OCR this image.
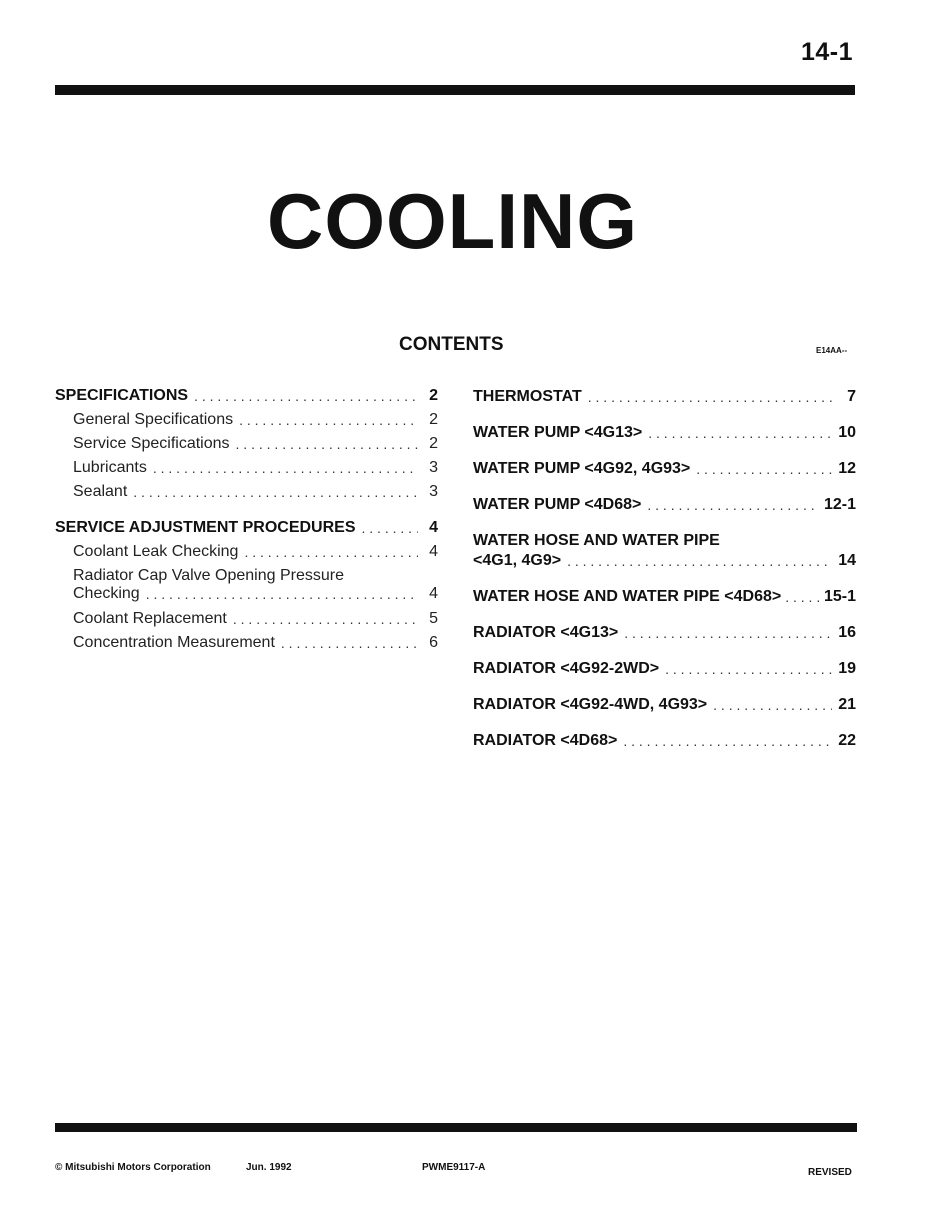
14-1
COOLING
CONTENTS	E14AA--
SPECIFICATIONS . . .	2
General Specifications . . .	2
Service Specifications . . .	2
Lubricants . . .	3
Sealant . . .	3
SERVICE ADJUSTMENT PROCEDURES . . .	4
Coolant Leak Checking . . .	4
Radiator Cap Valve Opening Pressure
Checking . . .	4
Coolant Replacement . . .	5
Concentration Measurement . . .	6
THERMOSTAT . . .	7
WATER PUMP <4G13> . . .	10
WATER PUMP <4G92, 4G93> . . .	12
WATER PUMP <4D68> . . .	12-1
WATER HOSE AND WATER PIPE
<4G1, 4G9> . . .	14
WATER HOSE AND WATER PIPE <4D68> . . .	15-1
RADIATOR <4G13> . . .	16
RADIATOR <4G92-2WD> . . .	19
RADIATOR <4G92-4WD, 4G93> . . .	21
RADIATOR <4D68> . . .	22
© Mitsubishi Motors Corporation	Jun. 1992	PWME9117-A	REVISED
